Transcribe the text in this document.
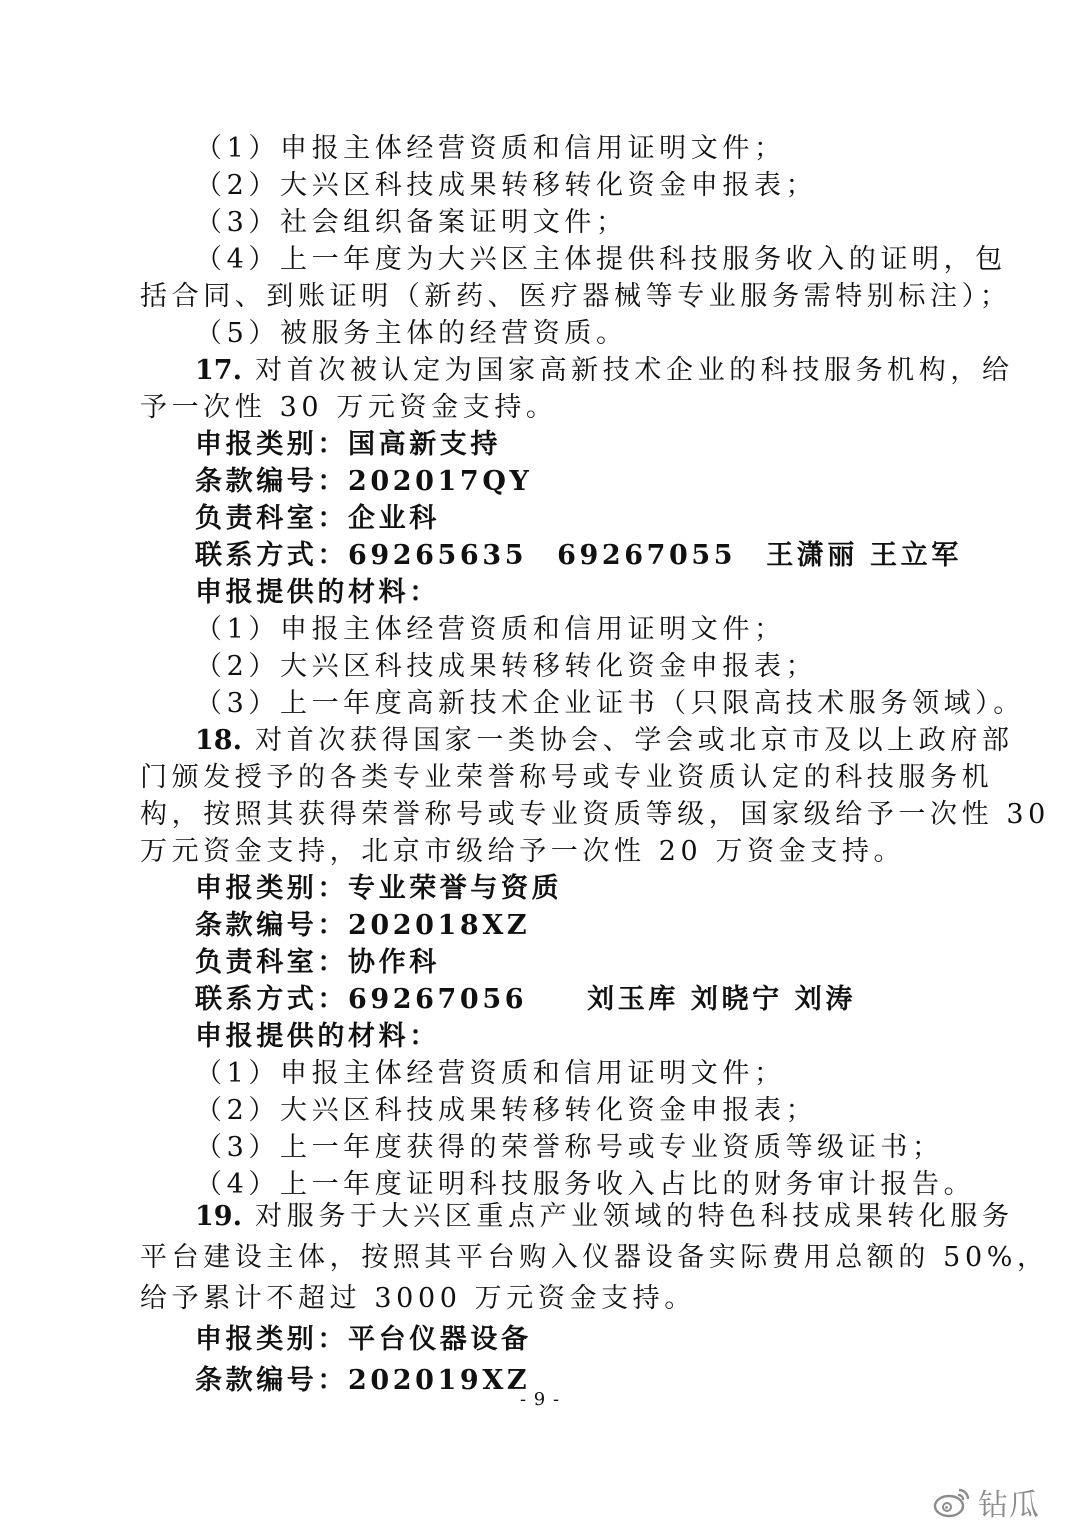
（1）申报主体经营资质和信用证明文件；
（2）大兴区科技成果转移转化资金申报表；
（3）社会组织备案证明文件；
（4）上一年度为大兴区主体提供科技服务收入的证明，包
括合同、到账证明（新药、医疗器械等专业服务需特别标注）；
（5）被服务主体的经营资质。
17. 对首次被认定为国家高新技术企业的科技服务机构，给
予一次性 30 万元资金支持。
申报类别：国高新支持
条款编号：202017QY
负责科室：企业科
联系方式：69265635 69267055 王潇丽 王立军
申报提供的材料：
（1）申报主体经营资质和信用证明文件；
（2）大兴区科技成果转移转化资金申报表；
（3）上一年度高新技术企业证书（只限高技术服务领域）。
18. 对首次获得国家一类协会、学会或北京市及以上政府部
门颁发授予的各类专业荣誉称号或专业资质认定的科技服务机
构，按照其获得荣誉称号或专业资质等级，国家级给予一次性 30
万元资金支持，北京市级给予一次性 20 万资金支持。
申报类别：专业荣誉与资质
条款编号：202018XZ
负责科室：协作科
联系方式：69267056 刘玉库 刘晓宁 刘涛
申报提供的材料：
（1）申报主体经营资质和信用证明文件；
（2）大兴区科技成果转移转化资金申报表；
（3）上一年度获得的荣誉称号或专业资质等级证书；
（4）上一年度证明科技服务收入占比的财务审计报告。
19. 对服务于大兴区重点产业领域的特色科技成果转化服务
平台建设主体，按照其平台购入仪器设备实际费用总额的 50%，
给予累计不超过 3000 万元资金支持。
申报类别：平台仪器设备
条款编号：202019XZ
- 9 -
钻瓜
